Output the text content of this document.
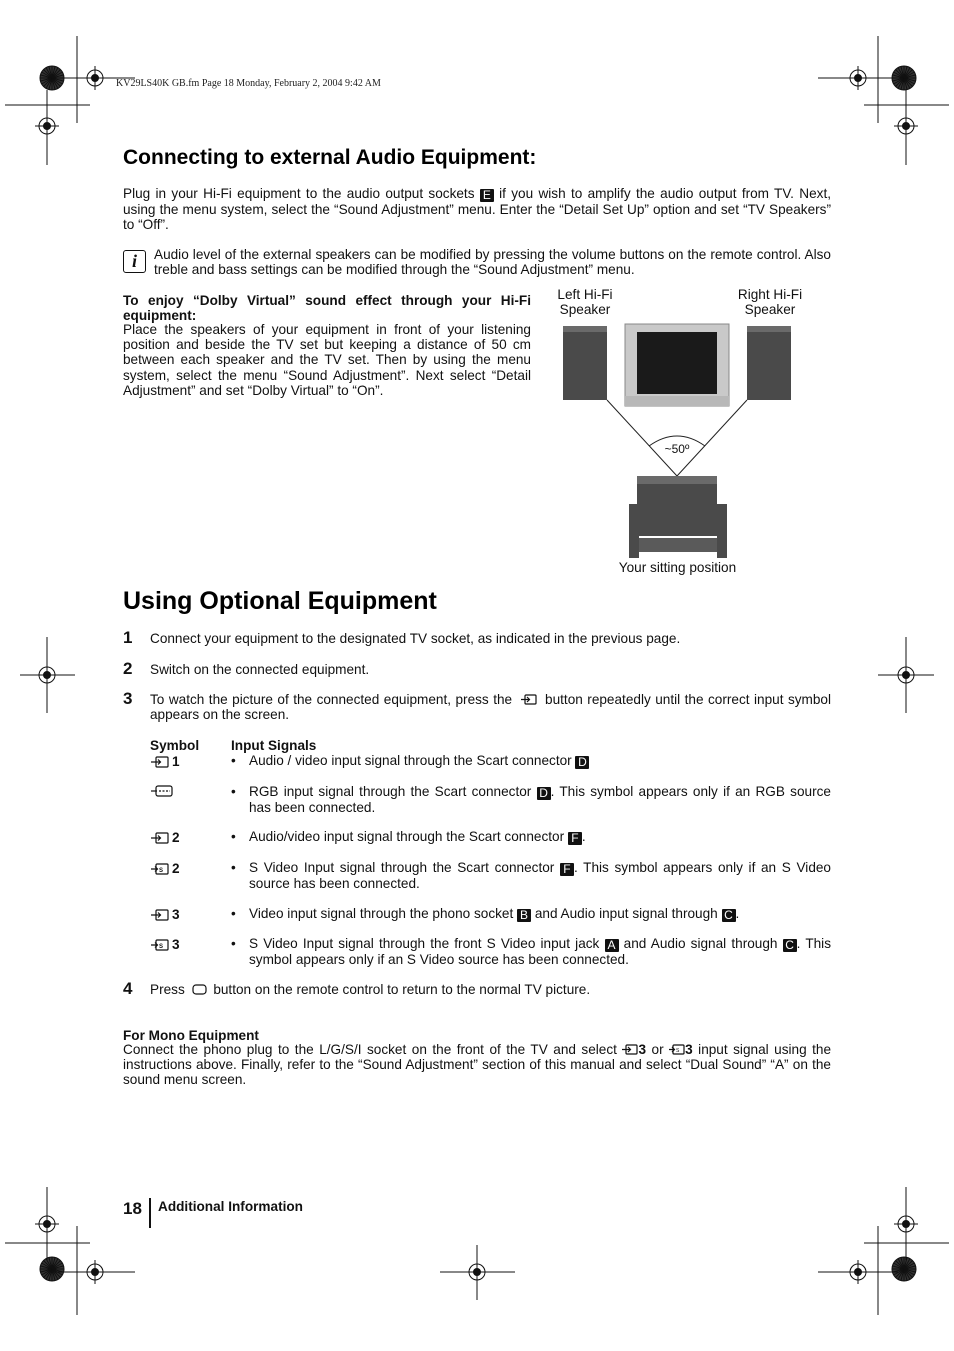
KV29LS40K GB.fm Page 18 Monday, February 2, 2004 9:42 AM
Connecting to external Audio Equipment:
Plug in your Hi-Fi equipment to the audio output sockets E if you wish to amplify the audio output from TV. Next, using the menu system, select the “Sound Adjustment” menu. Enter the “Detail Set Up” option and set “TV Speakers” to “Off”.
i Audio level of the external speakers can be modified by pressing the volume buttons on the remote control. Also treble and bass settings can be modified through the “Sound Adjustment” menu.
To enjoy “Dolby Virtual” sound effect through your Hi-Fi equipment:
Place the speakers of your equipment in front of your listening position and beside the TV set but keeping a distance of 50 cm between each speaker and the TV set. Then by using the menu system, select the menu “Sound Adjustment”. Next select “Detail Adjustment” and set “Dolby Virtual” to “On”.
Left Hi-Fi
Speaker
Right Hi-Fi
Speaker
~50º
Your sitting position
Using Optional Equipment
1 Connect your equipment to the designated TV socket, as indicated in the previous page.
2 Switch on the connected equipment.
3 To watch the picture of the connected equipment, press the button repeatedly until the correct input symbol appears on the screen.
Symbol Input Signals
1	• Audio / video input signal through the Scart connector D
• RGB input signal through the Scart connector D . This symbol appears only if an RGB source has been connected.
2	• Audio/video input signal through the Scart connector F .
S 2	• S Video Input signal through the Scart connector F . This symbol appears only if an S Video source has been connected.
3	• Video input signal through the phono socket B and Audio input signal through C .
S 3	• S Video Input signal through the front S Video input jack A and Audio signal through C . This symbol appears only if an S Video source has been connected.
4 Press button on the remote control to return to the normal TV picture.
For Mono Equipment
Connect the phono plug to the L/G/S/I socket on the front of the TV and select 3 or	S 3 input signal using the instructions above. Finally, refer to the “Sound Adjustment” section of this manual and select “Dual Sound” “A” on the sound menu screen.
18 Additional Information
